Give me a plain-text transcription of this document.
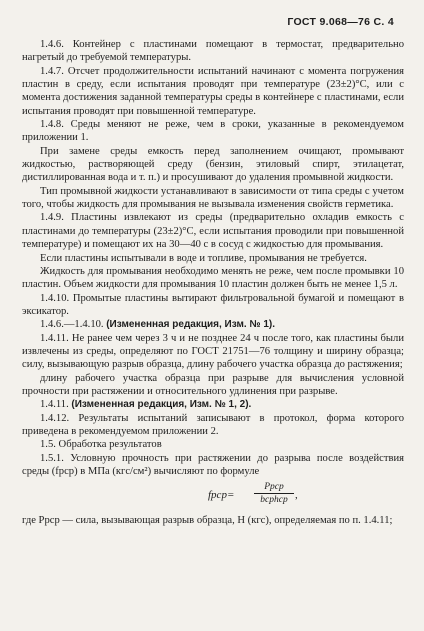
ГОСТ 9.068—76 С. 4

1.4.6. Контейнер с пластинами помещают в термостат, предварительно нагретый до требуемой температуры.

1.4.7. Отсчет продолжительности испытаний начинают с момента погружения пластин в среду, если испытания проводят при температуре (23±2)°С, или с момента достижения заданной температуры среды в контейнере с пластинами, если испытания проводят при повышенной температуре.

1.4.8. Среды меняют не реже, чем в сроки, указанные в рекомендуемом приложении 1.

При замене среды емкость перед заполнением очищают, промывают жидкостью, растворяющей среду (бензин, этиловый спирт, этилацетат, дистиллированная вода и т. п.) и просушивают до удаления промывной жидкости.

Тип промывной жидкости устанавливают в зависимости от типа среды с учетом того, чтобы жидкость для промывания не вызывала изменения свойств герметика.

1.4.9. Пластины извлекают из среды (предварительно охладив емкость с пластинами до температуры (23±2)°С, если испытания проводили при повышенной температуре) и помещают их на 30—40 с в сосуд с жидкостью для промывания.

Если пластины испытывали в воде и топливе, промывания не требуется.

Жидкость для промывания необходимо менять не реже, чем после промывки 10 пластин. Объем жидкости для промывания 10 пластин должен быть не менее 1,5 л.

1.4.10. Промытые пластины вытирают фильтровальной бумагой и помещают в эксикатор.

1.4.6.—1.4.10. (Измененная редакция, Изм. № 1).

1.4.11. Не ранее чем через 3 ч и не позднее 24 ч после того, как пластины были извлечены из среды, определяют по ГОСТ 21751—76 толщину и ширину образца; силу, вызывающую разрыв образца, длину рабочего участка образца до растяжения;

длину рабочего участка образца при разрыве для вычисления условной прочности при растяжении и относительного удлинения при разрыве.

1.4.11. (Измененная редакция, Изм. № 1, 2).

1.4.12. Результаты испытаний записывают в протокол, форма которого приведена в рекомендуемом приложении 2.

1.5. Обработка результатов

1.5.1. Условную прочность при растяжении до разрыва после воздействия среды (fрср) в МПа (кгс/см²) вычисляют по формуле

fрср=
Pрср
bсрhср ,

где Pрср — сила, вызывающая разрыв образца, Н (кгс), определяемая по п. 1.4.11;
